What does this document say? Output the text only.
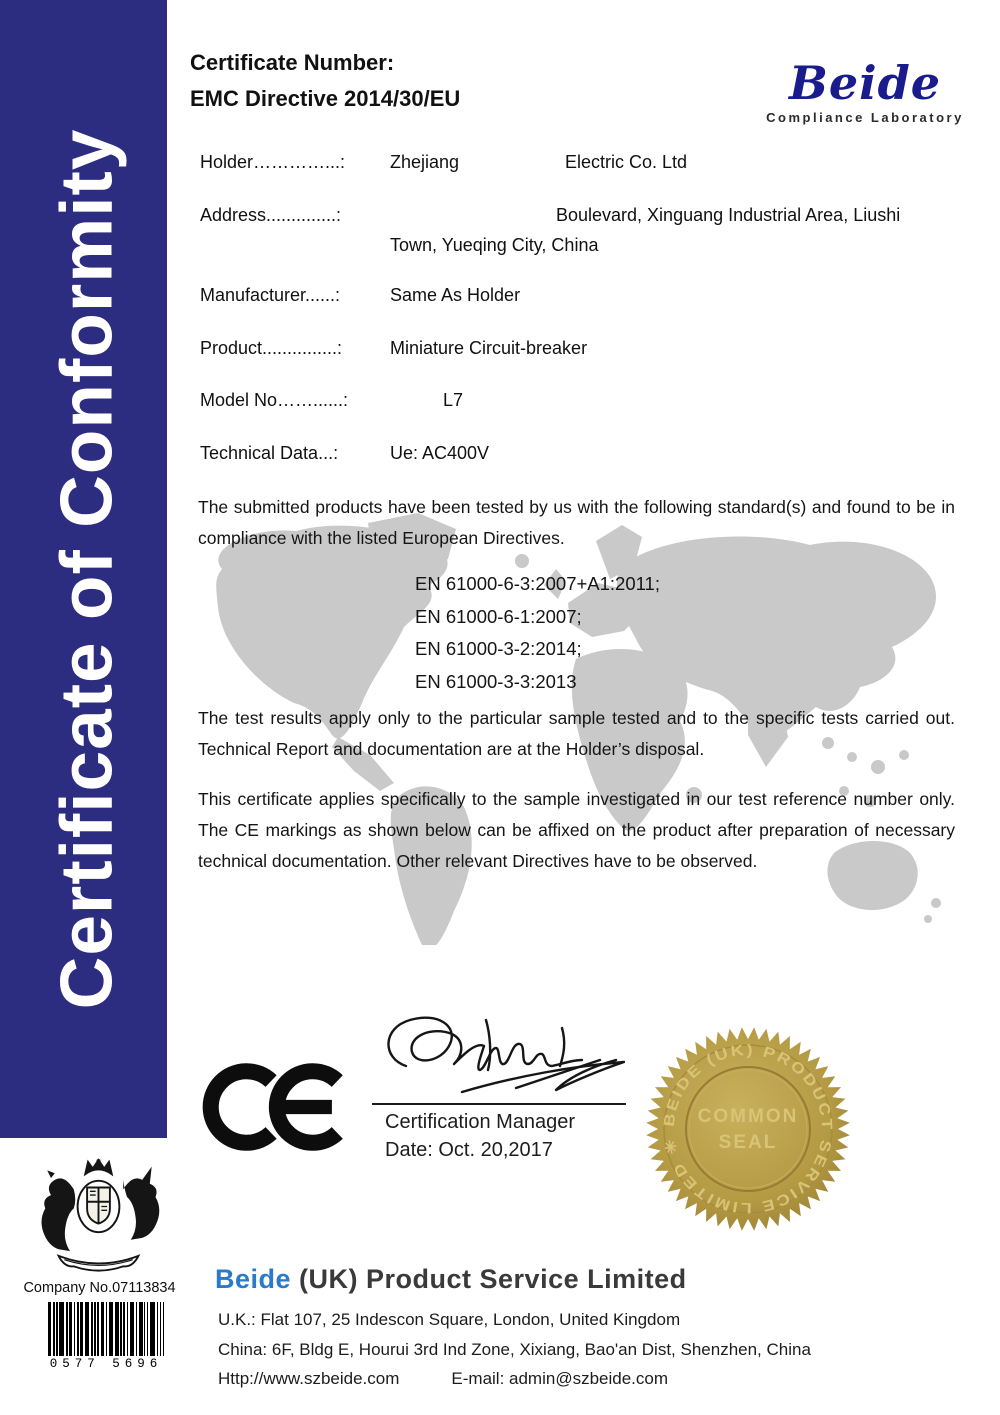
Certificate of Conformity
Certificate Number:
EMC Directive 2014/30/EU	Beide
Compliance Laboratory
Holder…………...:	Zhejiang	Electric Co. Ltd
Address..............:	Boulevard, Xinguang Industrial Area, Liushi
Town, Yueqing City, China
Manufacturer......:	Same As Holder
Product...............:	Miniature Circuit-breaker
Model No……......:	L7
Technical Data...:	Ue: AC400V
The submitted products have been tested by us with the following standard(s) and found to be in compliance with the listed European Directives.
EN 61000-6-3:2007+A1:2011;
EN 61000-6-1:2007;
EN 61000-3-2:2014;
EN 61000-3-3:2013
The test results apply only to the particular sample tested and to the specific tests carried out. Technical Report and documentation are at the Holder’s disposal.
This certificate applies specifically to the sample investigated in our test reference number only. The CE markings as shown below can be affixed on the product after preparation of necessary technical documentation. Other relevant Directives have to be observed.
Certification Manager
Date: Oct. 20,2017
BEIDE (UK) PRODUCT SERVICE LIMITED ✳
COMMON
SEAL
Company No.07113834
0577 5696
Beide (UK) Product Service Limited
U.K.: Flat 107, 25 Indescon Square, London, United Kingdom
China: 6F, Bldg E, Hourui 3rd Ind Zone, Xixiang, Bao'an Dist, Shenzhen, China
Http://www.szbeide.com	E-mail: admin@szbeide.com
